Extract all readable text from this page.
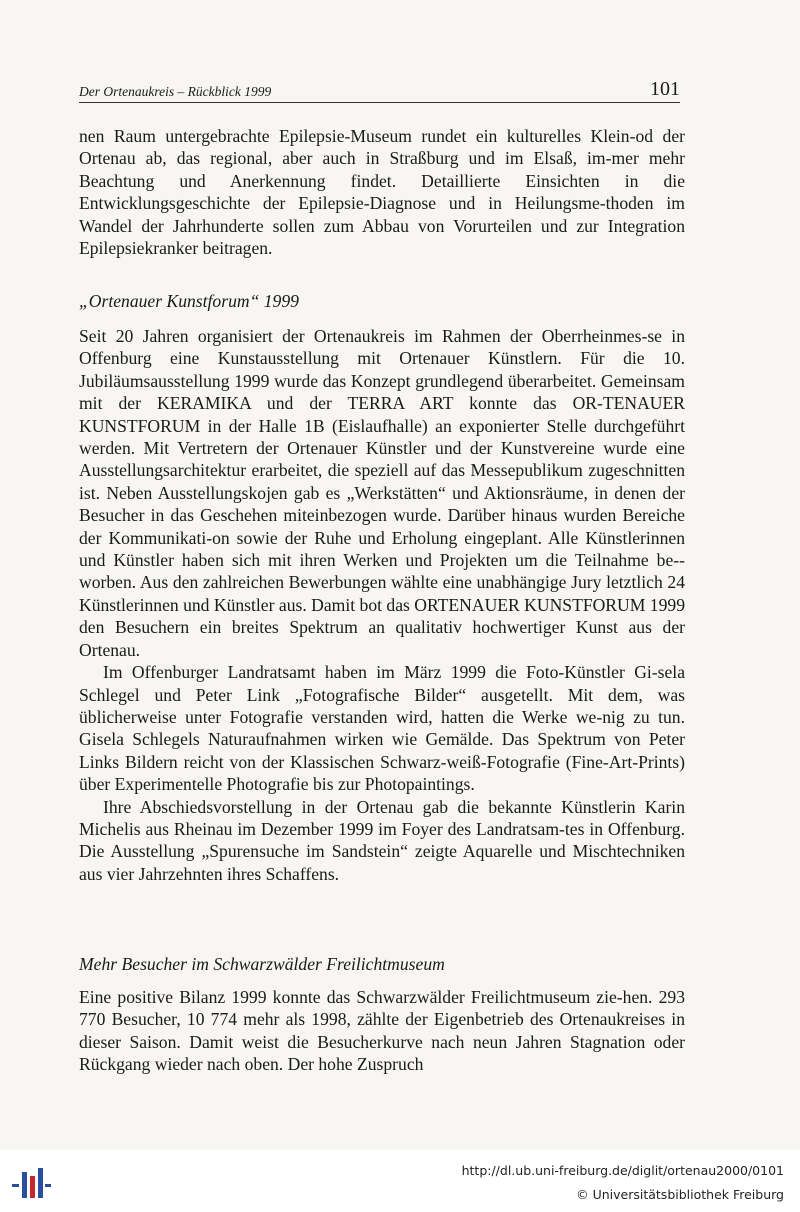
Der Ortenaukreis – Rückblick 1999	101

nen Raum untergebrachte Epilepsie-Museum rundet ein kulturelles Klein-od der Ortenau ab, das regional, aber auch in Straßburg und im Elsaß, im-mer mehr Beachtung und Anerkennung findet. Detaillierte Einsichten in die Entwicklungsgeschichte der Epilepsie-Diagnose und in Heilungsme-thoden im Wandel der Jahrhunderte sollen zum Abbau von Vorurteilen und zur Integration Epilepsiekranker beitragen.

„Ortenauer Kunstforum“ 1999

Seit 20 Jahren organisiert der Ortenaukreis im Rahmen der Oberrheinmes-se in Offenburg eine Kunstausstellung mit Ortenauer Künstlern. Für die 10. Jubiläumsausstellung 1999 wurde das Konzept grundlegend überarbeitet. Gemeinsam mit der KERAMIKA und der TERRA ART konnte das OR-TENAUER KUNSTFORUM in der Halle 1B (Eislaufhalle) an exponierter Stelle durchgeführt werden. Mit Vertretern der Ortenauer Künstler und der Kunstvereine wurde eine Ausstellungsarchitektur erarbeitet, die speziell auf das Messepublikum zugeschnitten ist. Neben Ausstellungskojen gab es „Werkstätten“ und Aktionsräume, in denen der Besucher in das Geschehen miteinbezogen wurde. Darüber hinaus wurden Bereiche der Kommunikati-on sowie der Ruhe und Erholung eingeplant. Alle Künstlerinnen und Künstler haben sich mit ihren Werken und Projekten um die Teilnahme be-worben. Aus den zahlreichen Bewerbungen wählte eine unabhängige Jury letztlich 24 Künstlerinnen und Künstler aus. Damit bot das ORTENAUER KUNSTFORUM 1999 den Besuchern ein breites Spektrum an qualitativ hochwertiger Kunst aus der Ortenau.

Im Offenburger Landratsamt haben im März 1999 die Foto-Künstler Gi-sela Schlegel und Peter Link „Fotografische Bilder“ ausgetellt. Mit dem, was üblicherweise unter Fotografie verstanden wird, hatten die Werke we-nig zu tun. Gisela Schlegels Naturaufnahmen wirken wie Gemälde. Das Spektrum von Peter Links Bildern reicht von der Klassischen Schwarz-weiß-Fotografie (Fine-Art-Prints) über Experimentelle Photografie bis zur Photopaintings.

Ihre Abschiedsvorstellung in der Ortenau gab die bekannte Künstlerin Karin Michelis aus Rheinau im Dezember 1999 im Foyer des Landratsam-tes in Offenburg. Die Ausstellung „Spurensuche im Sandstein“ zeigte Aquarelle und Mischtechniken aus vier Jahrzehnten ihres Schaffens.

Mehr Besucher im Schwarzwälder Freilichtmuseum

Eine positive Bilanz 1999 konnte das Schwarzwälder Freilichtmuseum zie-hen. 293 770 Besucher, 10 774 mehr als 1998, zählte der Eigenbetrieb des Ortenaukreises in dieser Saison. Damit weist die Besucherkurve nach neun Jahren Stagnation oder Rückgang wieder nach oben. Der hohe Zuspruch

http://dl.ub.uni-freiburg.de/diglit/ortenau2000/0101
© Universitätsbibliothek Freiburg
